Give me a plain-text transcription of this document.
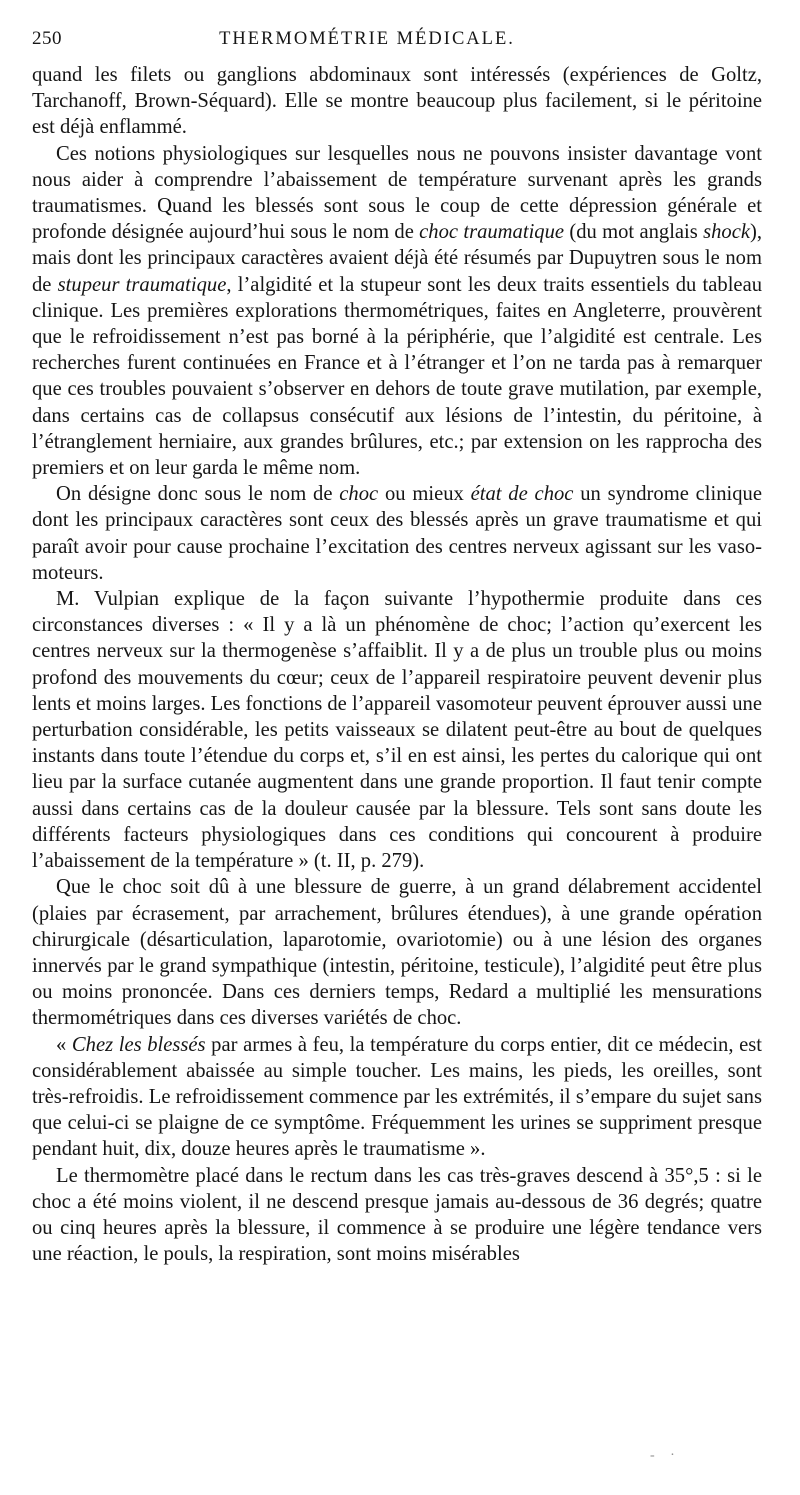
250	THERMOMÉTRIE MÉDICALE.

quand les filets ou ganglions abdominaux sont intéressés (expériences de Goltz, Tarchanoff, Brown-Séquard). Elle se montre beaucoup plus facilement, si le péritoine est déjà enflammé.

Ces notions physiologiques sur lesquelles nous ne pouvons insister davantage vont nous aider à comprendre l’abaissement de température survenant après les grands traumatismes. Quand les blessés sont sous le coup de cette dépression générale et profonde désignée aujourd’hui sous le nom de choc traumatique (du mot anglais shock), mais dont les principaux caractères avaient déjà été résumés par Dupuytren sous le nom de stupeur traumatique, l’algidité et la stupeur sont les deux traits essentiels du tableau clinique. Les premières explorations thermométriques, faites en Angleterre, prouvèrent que le refroidissement n’est pas borné à la périphérie, que l’algidité est centrale. Les recherches furent continuées en France et à l’étranger et l’on ne tarda pas à remarquer que ces troubles pouvaient s’observer en dehors de toute grave mutilation, par exemple, dans certains cas de collapsus consécutif aux lésions de l’intestin, du péritoine, à l’étranglement herniaire, aux grandes brûlures, etc.; par extension on les rapprocha des premiers et on leur garda le même nom.

On désigne donc sous le nom de choc ou mieux état de choc un syndrome clinique dont les principaux caractères sont ceux des blessés après un grave traumatisme et qui paraît avoir pour cause prochaine l’excitation des centres nerveux agissant sur les vaso-moteurs.

M. Vulpian explique de la façon suivante l’hypothermie produite dans ces circonstances diverses : « Il y a là un phénomène de choc; l’action qu’exercent les centres nerveux sur la thermogenèse s’affaiblit. Il y a de plus un trouble plus ou moins profond des mouvements du cœur; ceux de l’appareil respiratoire peuvent devenir plus lents et moins larges. Les fonctions de l’appareil vasomoteur peuvent éprouver aussi une perturbation considérable, les petits vaisseaux se dilatent peut-être au bout de quelques instants dans toute l’étendue du corps et, s’il en est ainsi, les pertes du calorique qui ont lieu par la surface cutanée augmentent dans une grande proportion. Il faut tenir compte aussi dans certains cas de la douleur causée par la blessure. Tels sont sans doute les différents facteurs physiologiques dans ces conditions qui concourent à produire l’abaissement de la température » (t. II, p. 279).

Que le choc soit dû à une blessure de guerre, à un grand délabrement accidentel (plaies par écrasement, par arrachement, brûlures étendues), à une grande opération chirurgicale (désarticulation, laparotomie, ovariotomie) ou à une lésion des organes innervés par le grand sympathique (intestin, péritoine, testicule), l’algidité peut être plus ou moins prononcée. Dans ces derniers temps, Redard a multiplié les mensurations thermométriques dans ces diverses variétés de choc.

« Chez les blessés par armes à feu, la température du corps entier, dit ce médecin, est considérablement abaissée au simple toucher. Les mains, les pieds, les oreilles, sont très-refroidis. Le refroidissement commence par les extrémités, il s’empare du sujet sans que celui-ci se plaigne de ce symptôme. Fréquemment les urines se suppriment presque pendant huit, dix, douze heures après le traumatisme ».

Le thermomètre placé dans le rectum dans les cas très-graves descend à 35°,5 : si le choc a été moins violent, il ne descend presque jamais au-dessous de 36 degrés; quatre ou cinq heures après la blessure, il commence à se produire une légère tendance vers une réaction, le pouls, la respiration, sont moins misérables

- ·
